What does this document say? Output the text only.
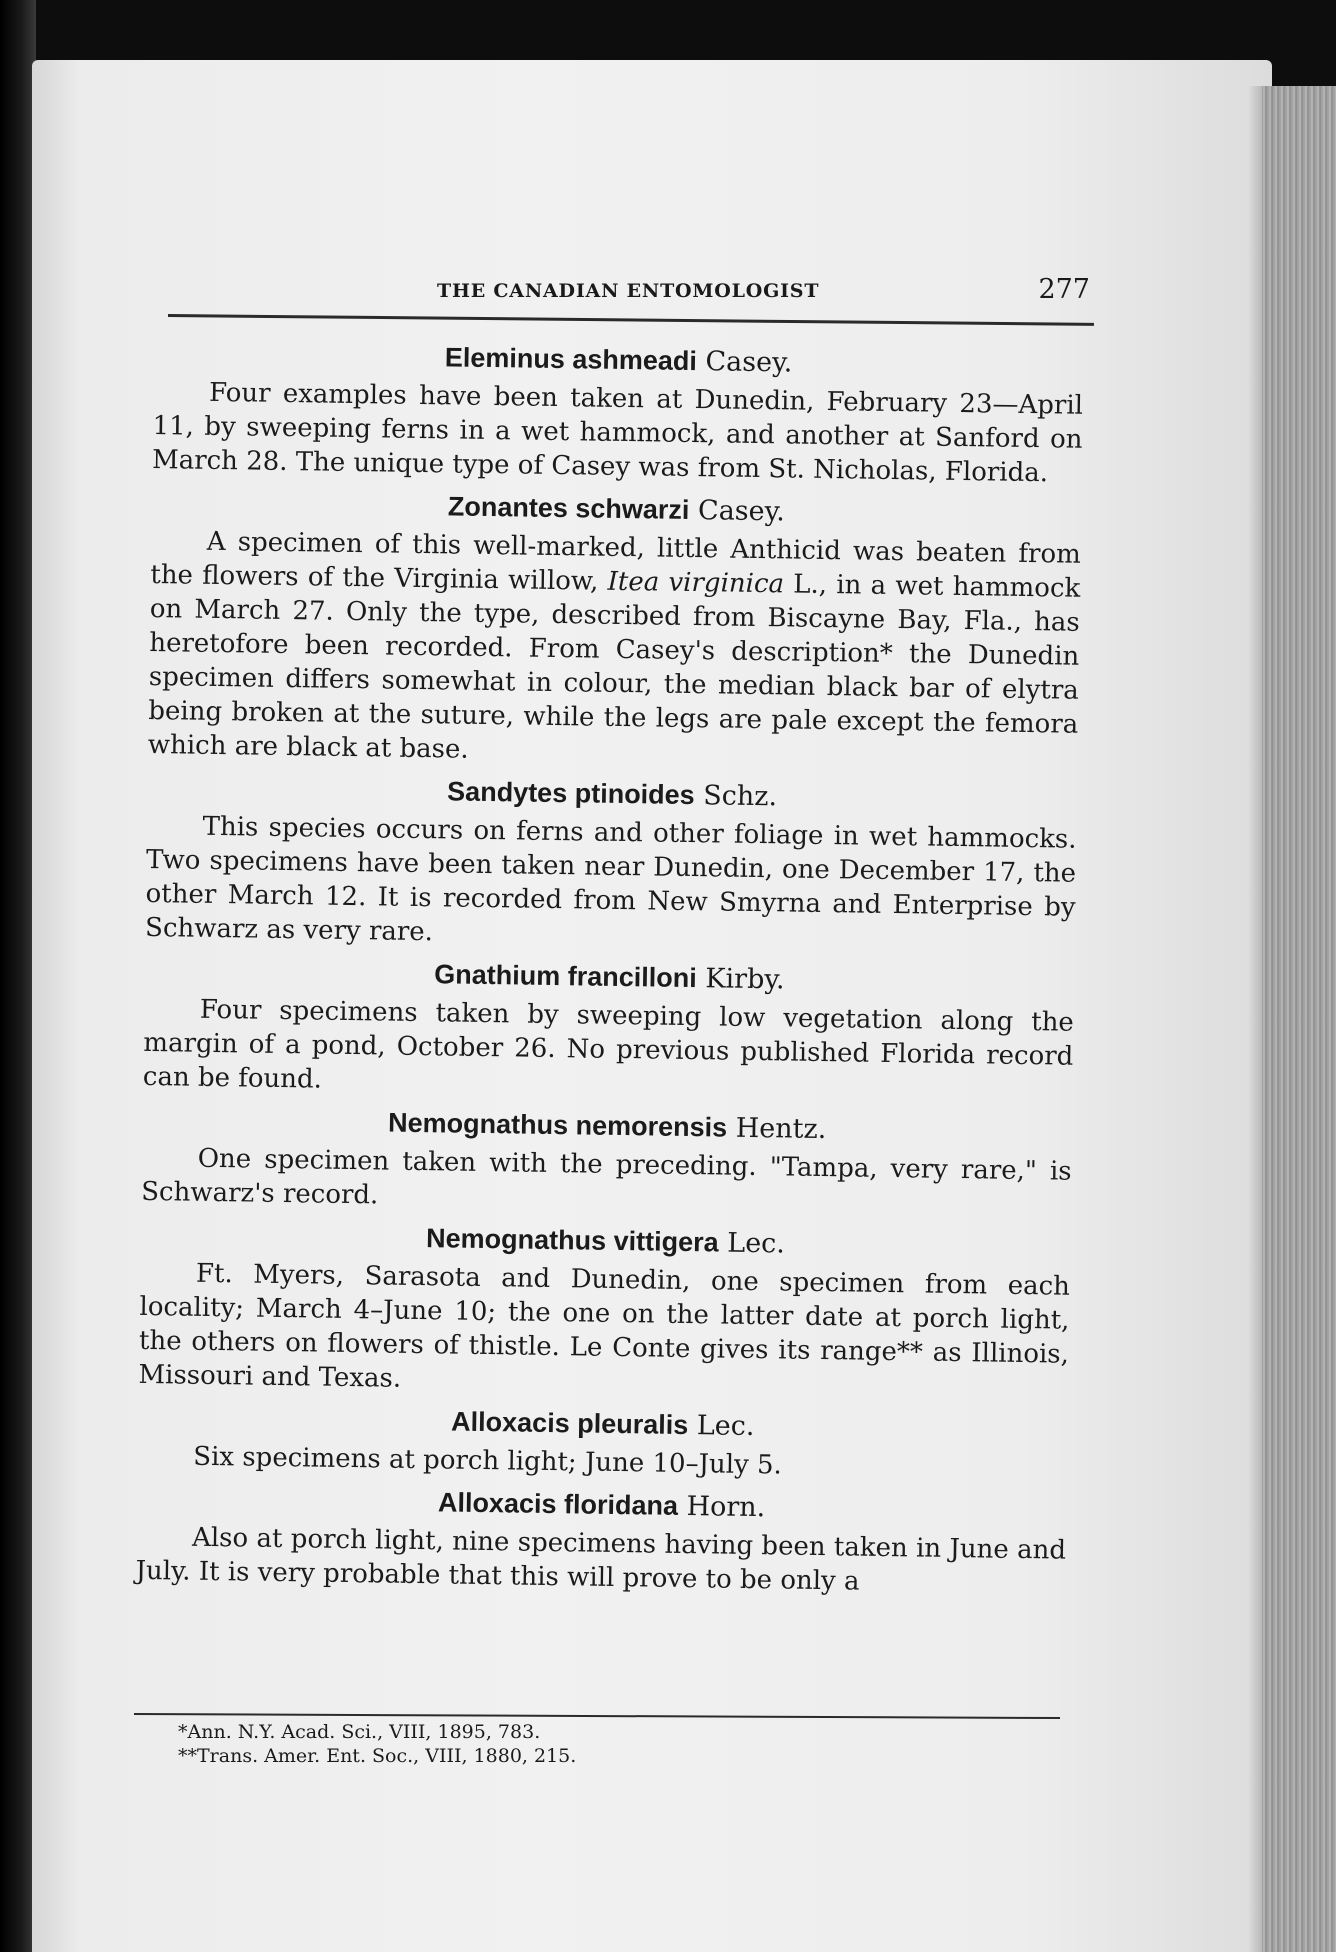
THE CANADIAN ENTOMOLOGIST	277
Eleminus ashmeadi Casey.

Four examples have been taken at Dunedin, February 23—April 11, by sweeping ferns in a wet hammock, and another at Sanford on March 28. The unique type of Casey was from St. Nicholas, Florida.

Zonantes schwarzi Casey.

A specimen of this well-marked, little Anthicid was beaten from the flowers of the Virginia willow, Itea virginica L., in a wet hammock on March 27. Only the type, described from Biscayne Bay, Fla., has heretofore been recorded. From Casey's description* the Dunedin specimen differs somewhat in colour, the median black bar of elytra being broken at the suture, while the legs are pale except the femora which are black at base.

Sandytes ptinoides Schz.

This species occurs on ferns and other foliage in wet hammocks. Two specimens have been taken near Dunedin, one December 17, the other March 12. It is recorded from New Smyrna and Enterprise by Schwarz as very rare.

Gnathium francilloni Kirby.

Four specimens taken by sweeping low vegetation along the margin of a pond, October 26. No previous published Florida record can be found.

Nemognathus nemorensis Hentz.

One specimen taken with the preceding. "Tampa, very rare," is Schwarz's record.

Nemognathus vittigera Lec.

Ft. Myers, Sarasota and Dunedin, one specimen from each locality; March 4–June 10; the one on the latter date at porch light, the others on flowers of thistle. Le Conte gives its range** as Illinois, Missouri and Texas.

Alloxacis pleuralis Lec.

Six specimens at porch light; June 10–July 5.

Alloxacis floridana Horn.

Also at porch light, nine specimens having been taken in June and July. It is very probable that this will prove to be only a

*Ann. N.Y. Acad. Sci., VIII, 1895, 783.
**Trans. Amer. Ent. Soc., VIII, 1880, 215.
